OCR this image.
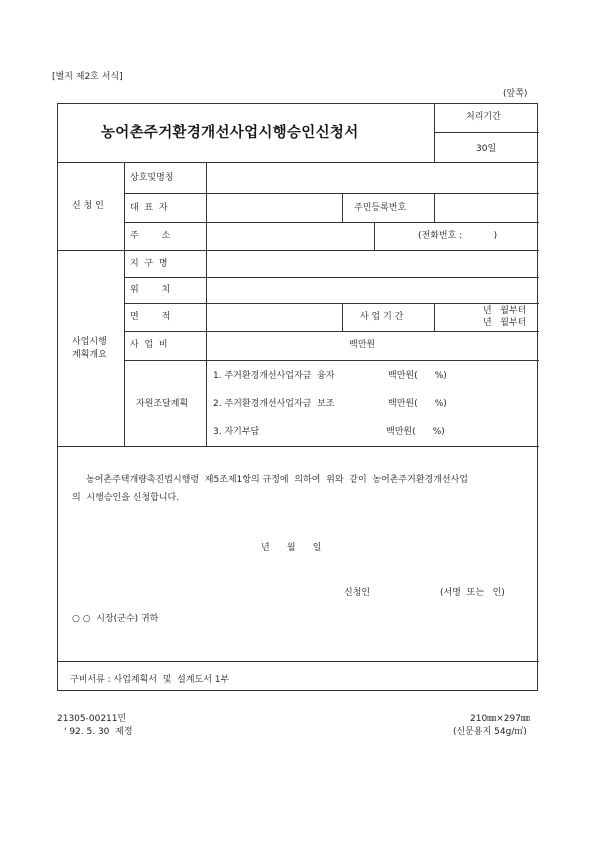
[별지 제2호 서식]
(앞쪽)
농어촌주거환경개선사업시행승인신청서
처리기간
30일
신 청 인
상호및명칭
대  표  자	주민등록번호
주        소	(전화번호 :           )
사업시행
계획개요
지  구  명
위        치
면        적	사 업 기 간
년   월부터
년   월부터
사  업  비	백만원
자원조달계획
1. 주거환경개선사업자금  융자	백만원(      %)
2. 주거환경개선사업자금  보조	백만원(      %)
3. 자기부담	백만원(      %)
농어촌주택개량촉진법시행령  제5조제1항의 규정에  의하여  위와  같이  농어촌주거환경개선사업
의  시행승인을 신청합니다.
년      월      일
신청인	(서명  또는   인)
○ ○  시장(군수) 귀하
구비서류 : 사업계획서  및  설계도서 1부
21305-00211민
' 92. 5. 30  제정
210㎜×297㎜
(신문용지 54g/㎡)
